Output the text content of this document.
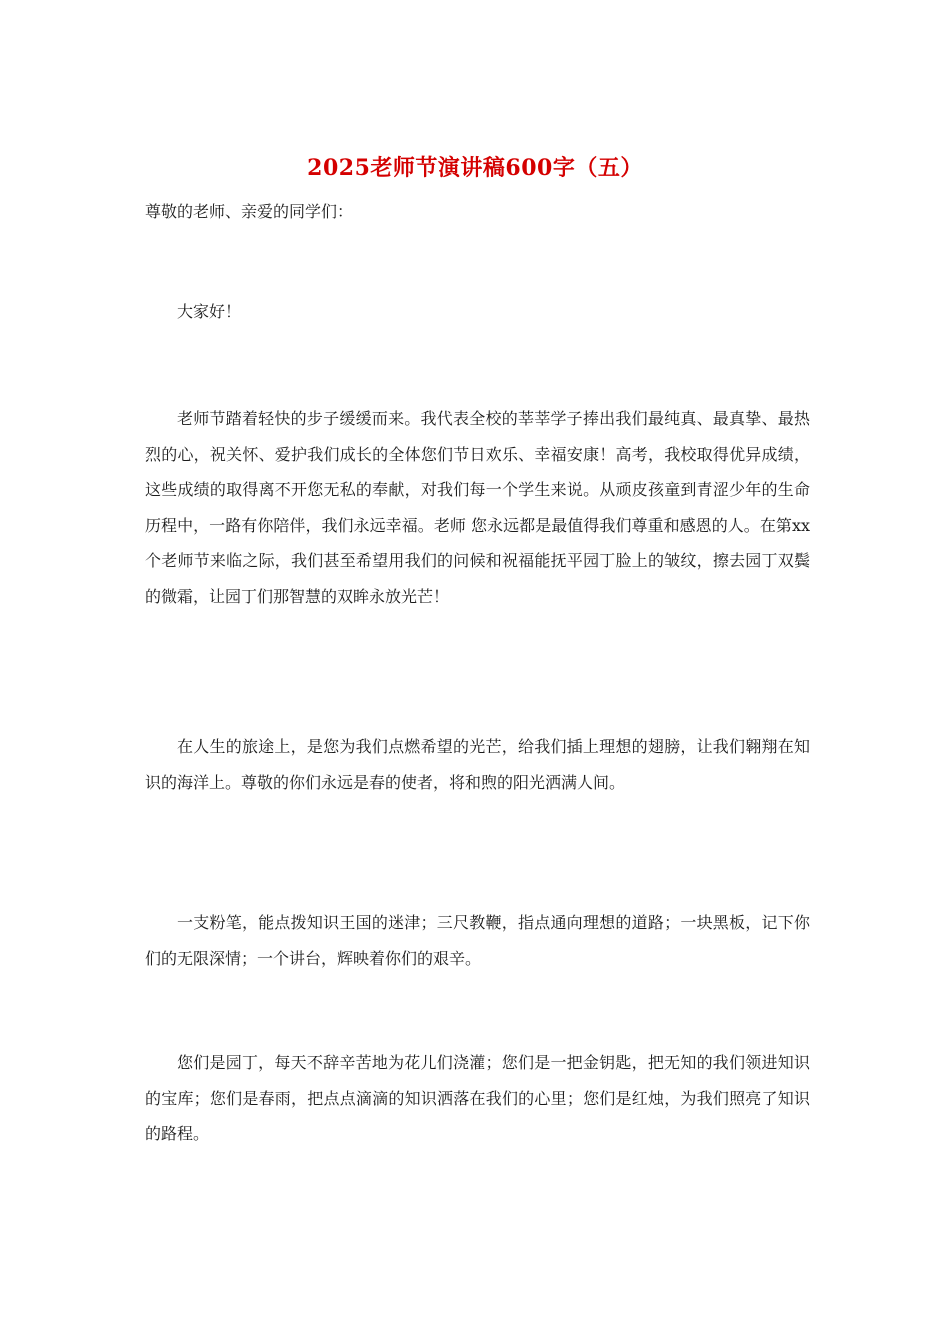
2025老师节演讲稿600字（五）
尊敬的老师、亲爱的同学们：

大家好！

老师节踏着轻快的步子缓缓而来。我代表全校的莘莘学子捧出我们最纯真、最真挚、最热烈的心，祝关怀、爱护我们成长的全体您们节日欢乐、幸福安康！高考，我校取得优异成绩，这些成绩的取得离不开您无私的奉献，对我们每一个学生来说。从顽皮孩童到青涩少年的生命历程中，一路有你陪伴，我们永远幸福。老师 您永远都是最值得我们尊重和感恩的人。在第xx个老师节来临之际，我们甚至希望用我们的问候和祝福能抚平园丁脸上的皱纹，擦去园丁双鬓的微霜，让园丁们那智慧的双眸永放光芒！

在人生的旅途上，是您为我们点燃希望的光芒，给我们插上理想的翅膀，让我们翱翔在知识的海洋上。尊敬的你们永远是春的使者，将和煦的阳光洒满人间。

一支粉笔，能点拨知识王国的迷津；三尺教鞭，指点通向理想的道路；一块黑板，记下你们的无限深情；一个讲台，辉映着你们的艰辛。

您们是园丁，每天不辞辛苦地为花儿们浇灌；您们是一把金钥匙，把无知的我们领进知识的宝库；您们是春雨，把点点滴滴的知识洒落在我们的心里；您们是红烛，为我们照亮了知识的路程。
